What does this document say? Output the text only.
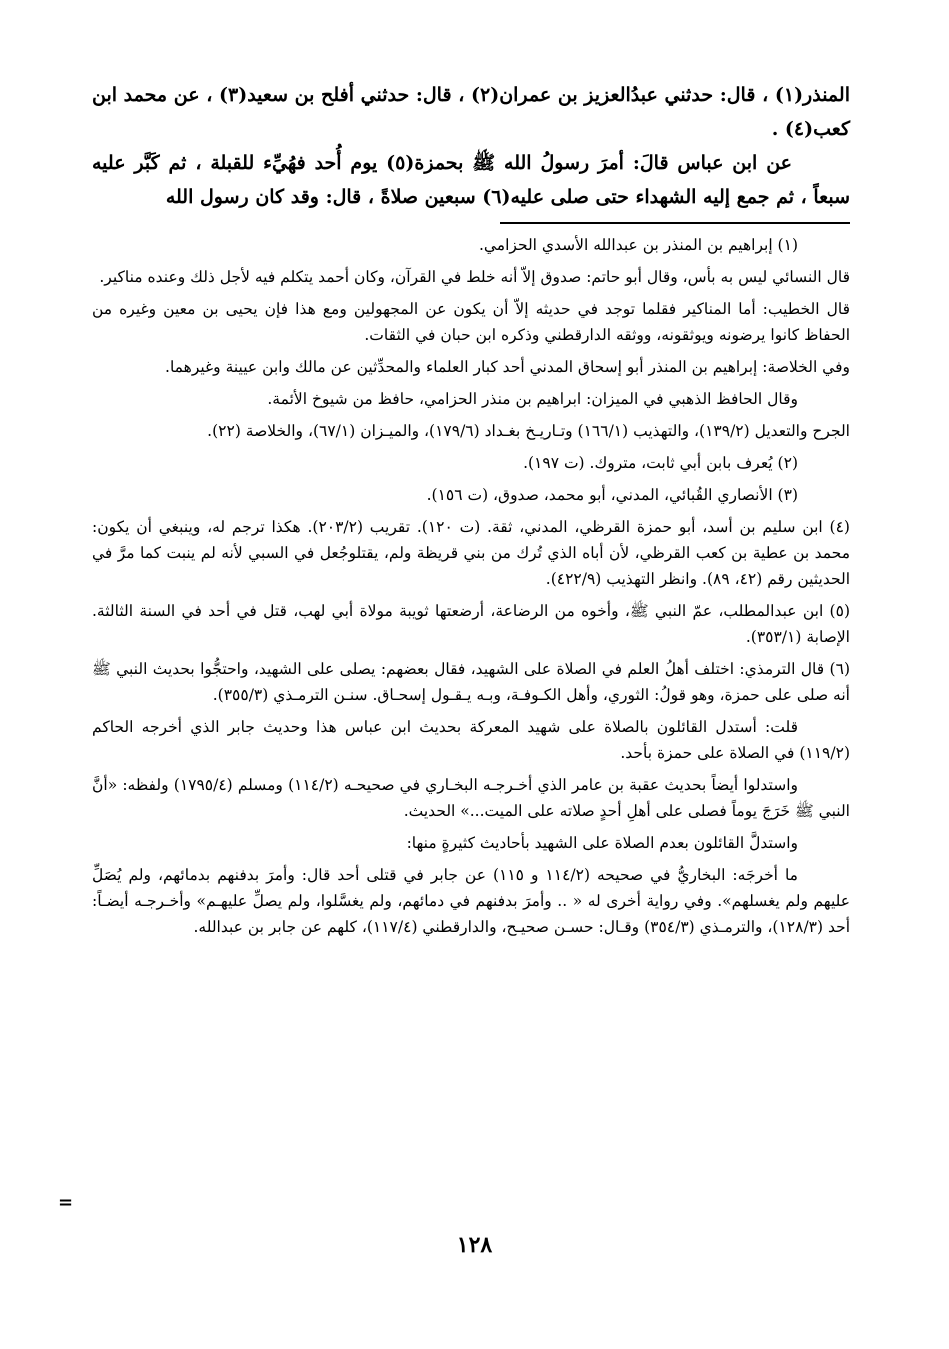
المنذر(١) ، قال: حدثني عبدُالعزيز بن عمران(٢) ، قال: حدثني أفلح بن سعيد(٣) ، عن محمد ابن كعب(٤) .

عن ابن عباس قالَ: أمرَ رسولُ الله ﷺ بحمزة(٥) يوم أُحد فهُيِّء للقبلة ، ثم كَبَّر عليه سبعاً ، ثم جمع إليه الشهداء حتى صلى عليه(٦) سبعين صلاةً ، قال: وقد كان رسول الله

(١) إبراهيم بن المنذر بن عبدالله الأسدي الحزامي.

قال النسائي ليس به بأس، وقال أبو حاتم: صدوق إلاّ أنه خلط في القرآن، وكان أحمد يتكلم فيه لأجل ذلك وعنده مناكير.

قال الخطيب: أما المناكير فقلما توجد في حديثه إلاّ أن يكون عن المجهولين ومع هذا فإن يحيى بن معين وغيره من الحفاظ كانوا يرضونه ويوثقونه، ووثقه الدارقطني وذكره ابن حبان في الثقات.

وفي الخلاصة: إبراهيم بن المنذر أبو إسحاق المدني أحد كبار العلماء والمحدِّثين عن مالك وابن عيينة وغيرهما.

وقال الحافظ الذهبي في الميزان: ابراهيم بن منذر الحزامي، حافظ من شيوخ الأئمة.

الجرح والتعديل (١٣٩/٢)، والتهذيب (١٦٦/١) وتـاريـخ بغـداد (١٧٩/٦)، والميـزان (٦٧/١)، والخلاصة (٢٢).

(٢) يُعرف بابن أبي ثابت، متروك. (ت ١٩٧).

(٣) الأنصاري القُبائي، المدني، أبو محمد، صدوق، (ت ١٥٦).

(٤) ابن سليم بن أسد، أبو حمزة القرظي، المدني، ثقة. (ت ١٢٠). تقريب (٢٠٣/٢). هكذا ترجم له، وينبغي أن يكون: محمد بن عطية بن كعب القرظي، لأن أباه الذي تُرك من بني قريظة ولم، يقتلوجُعل في السبي لأنه لم ينبت كما مرَّ في الحديثين رقم (٤٢، ٨٩). وانظر التهذيب (٤٢٢/٩).

(٥) ابن عبدالمطلب، عمّ النبي ﷺ، وأخوه من الرضاعة، أرضعتها ثويبة مولاة أبي لهب، قتل في أحد في السنة الثالثة. الإصابة (٣٥٣/١).

(٦) قال الترمذي: اختلف أهلُ العلم في الصلاة على الشهيد، فقال بعضهم: يصلى على الشهيد، واحتجُّوا بحديث النبي ﷺ أنه صلى على حمزة، وهو قولُ: الثوري، وأهل الكـوفـة، وبـه يـقـول إسحـاق. سنـن الترمـذي (٣٥٥/٣).

قلت: أستدل القائلون بالصلاة على شهيد المعركة بحديث ابن عباس هذا وحديث جابر الذي أخرجه الحاكم (١١٩/٢) في الصلاة على حمزة بأحد.

واستدلوا أيضاً بحديث عقبة بن عامر الذي أخـرجـه البخـاري في صحيحـه (١١٤/٢) ومسلم (١٧٩٥/٤) ولفظه: «أنَّ النبي ﷺ خَرَجَ يوماً فصلى على أهلِ أحدٍ صلاته على الميت...» الحديث.

واستدلَّ القائلون بعدم الصلاة على الشهيد بأحاديث كثيرةٍ منها:

ما أخرجَه: البخاريُّ في صحيحه (١١٤/٢ و ١١٥) عن جابر في قتلى أحد قال: وأمرَ بدفنهم بدمائهم، ولم يُصَلِّ عليهم ولم يغسلهم». وفي رواية أخرى له « .. وأمرَ بدفنهم في دمائهم، ولم يغسَّلوا، ولم يصلِّ عليهـم» وأخـرجـه أيضـاً: أحد (١٢٨/٣)، والترمـذي (٣٥٤/٣) وقـال: حسـن صحيـح، والدارقطني (١١٧/٤)، كلهم عن جابر بن عبدالله.

=
١٢٨
